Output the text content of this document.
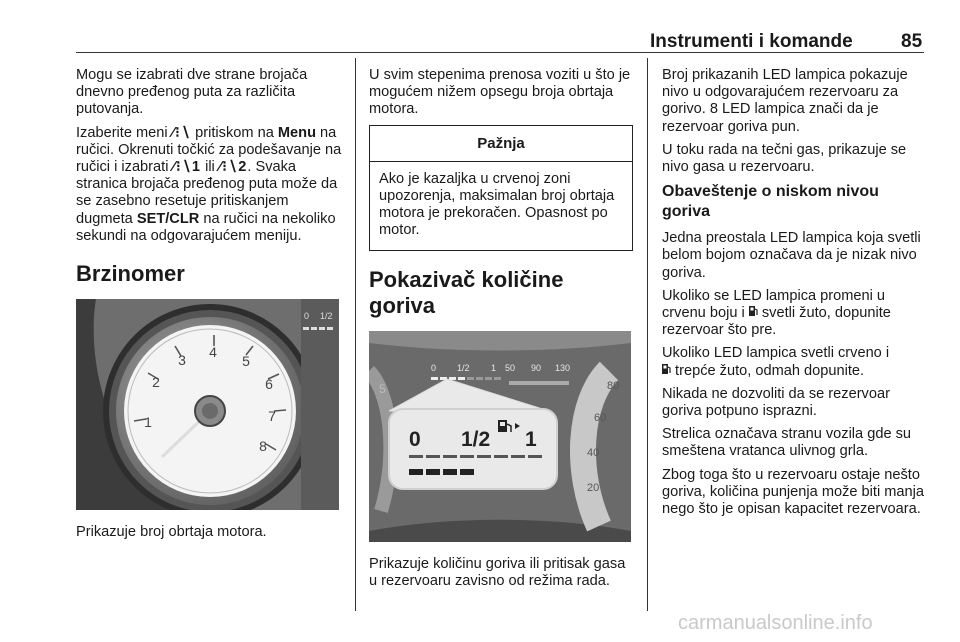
Instrumenti i komande	85

Mogu se izabrati dve strane brojača dnevno pređenog puta za različita putovanja.

Izaberite meni ⁄⁝∖ pritiskom na Menu na ručici. Okrenuti točkić za podešavanje na ručici i izabrati ⁄⁝∖1 ili ⁄⁝∖2. Svaka stranica brojača pređenog puta može da se zasebno resetuje pritiskanjem dugmeta SET/CLR na ručici na nekoliko sekundi na odgovarajućem meniju.

Brzinomer
1
2
3 4
5
6
7
8
0 1/2

Prikazuje broj obrtaja motora.

U svim stepenima prenosa voziti u što je mogućem nižem opsegu broja obrtaja motora.

Pažnja
Ako je kazaljka u crvenoj zoni upozorenja, maksimalan broj obrtaja motora je prekoračen. Opasnost po motor.
Pokazivač količine goriva
5	80
60
40
20
0 1/2 1 50 90 130
0 1/2 1

Prikazuje količinu goriva ili pritisak gasa u rezervoaru zavisno od režima rada.

Broj prikazanih LED lampica pokazuje nivo u odgovarajućem rezervoaru za gorivo. 8 LED lampica znači da je rezervoar goriva pun.

U toku rada na tečni gas, prikazuje se nivo gasa u rezervoaru.

Obaveštenje o niskom nivou goriva

Jedna preostala LED lampica koja svetli belom bojom označava da je nizak nivo goriva.

Ukoliko se LED lampica promeni u crvenu boju i  svetli žuto, dopunite rezervoar što pre.

Ukoliko LED lampica svetli crveno i
trepće žuto, odmah dopunite.

Nikada ne dozvoliti da se rezervoar goriva potpuno isprazni.

Strelica označava stranu vozila gde su smeštena vratanca ulivnog grla.

Zbog toga što u rezervoaru ostaje nešto goriva, količina punjenja može biti manja nego što je opisan kapacitet rezervoara.

carmanualsonline.info
